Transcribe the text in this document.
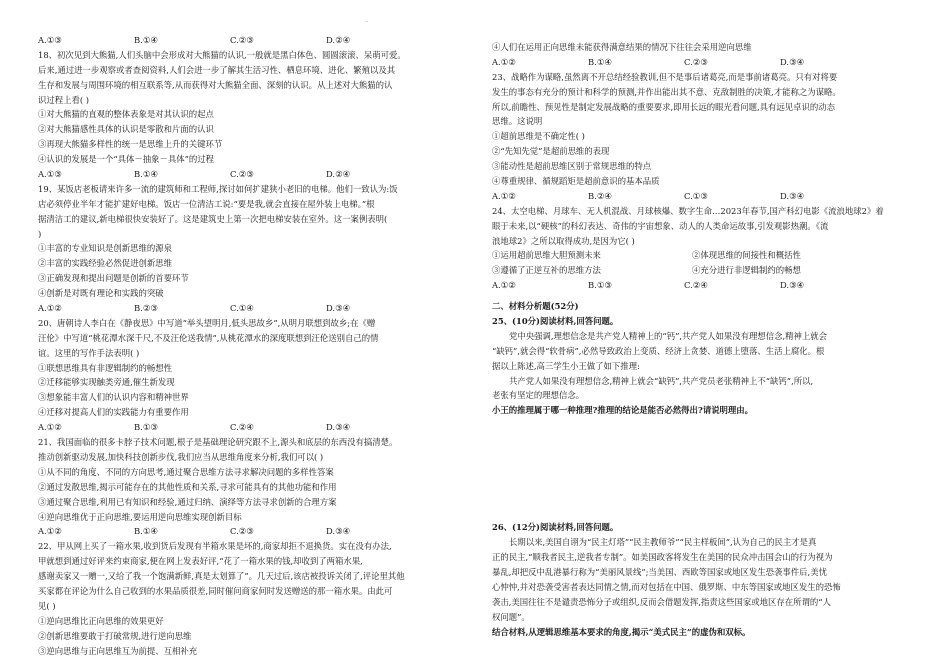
·
A.①③	B.①④	C.②③	D.②④
18、初次见到大熊猫,人们头脑中会形成对大熊猫的认识,一般就是黑白体色、圆圆滚滚、呆萌可爱。
后来,通过进一步观察或者查阅资料,人们会进一步了解其生活习性、栖息环境、进化、繁殖以及其
生存和发展与周围环境的相互联系等,从而获得对大熊猫全面、深刻的认识。从上述对大熊猫的认
识过程上看( )
①对大熊猫的直观的整体表象是对其认识的起点
②对大熊猫感性具体的认识是零散和片面的认识
③再现大熊猫多样性的统一是思维上升的关键环节
④认识的发展是一个“具体－抽象－具体”的过程
A.①③	B.①④	C.②③	D.②④
19、某饭店老板请来许多一流的建筑师和工程师,探讨如何扩建狭小老旧的电梯。他们一致认为:饭
店必须停业半年才能扩建好电梯。饭店一位清洁工说:“要是我,就会直接在屋外装上电梯。”根
据清洁工的建议,新电梯很快安装好了。这是建筑史上第一次把电梯安装在室外。这一案例表明(
)
①丰富的专业知识是创新思维的源泉
②丰富的实践经验必然促进创新思维
③正确发现和提出问题是创新的首要环节
④创新是对既有理论和实践的突破
A.①②	B.②③	C.①④	D.③④
20、唐朝诗人李白在《静夜思》中写道“举头望明月,低头思故乡”,从明月联想到故乡;在《赠
汪伦》中写道“桃花潭水深千尺,不及汪伦送我情”,从桃花潭水的深度联想到汪伦送别自己的情
谊。这里的写作手法表明( )
①联想思维具有非逻辑制约的畅想性
②迁移能够实现触类旁通,催生新发现
③想象能丰富人们的认识内容和精神世界
④迁移对提高人们的实践能力有重要作用
A.①②	B.①③	C.②④	D.③④
21、我国面临的很多卡脖子技术问题,根子是基础理论研究跟不上,源头和底层的东西没有搞清楚。
推动创新驱动发展,加快科技创新步伐,我们应当从思维角度来分析,我们可以( )
①从不同的角度、不同的方向思考,通过聚合思维方法寻求解决问题的多样性答案
②通过发散思维,揭示可能存在的其他性质和关系,寻求可能具有的其他功能和作用
③通过聚合思维,利用已有知识和经验,通过归纳、演绎等方法寻求创新的合理方案
④逆向思维优于正向思维,要运用逆向思维实现创新目标
A.①②	B.①④	C.②③	D.③④
22、甲从网上买了一箱水果,收到货后发现有半箱水果是坏的,商家却拒不退换货。实在没有办法,
甲就想到通过好评来约束商家,便在网上发表好评,“花了一箱水果的钱,却收到了两箱水果,
感谢卖家又一赠一,又给了我一个饱满新鲜,真是太划算了”。几天过后,该店被投诉关闭了,评论里其他
买家都在评论为什么自己收到的水果品质很差,同时催问商家何时发送赠送的那一箱水果。由此可
见( )
①逆向思维比正向思维的效果更好
②创新思维要敢于打破常规,进行逆向思维
③逆向思维与正向思维互为前提、互相补充
④人们在运用正向思维未能获得满意结果的情况下往往会采用逆向思维
A.①②	B.①④	C.②③	D.③④
23、战略作为谋略,虽然离不开总结经验教训,但不是事后诸葛亮,而是事前诸葛亮。只有对将要
发生的事态有充分的预计和科学的预测,并作出能出其不意、克敌制胜的决策,才能称之为谋略。
所以,前瞻性、预见性是制定发展战略的重要要求,即用长远的眼光看问题,具有远见卓识的动态
思维。这说明
①超前思维是不确定性( )
②“先知先觉”是超前思维的表现
③能动性是超前思维区别于常规思维的特点
④尊重规律、循规蹈矩是超前意识的基本品质
A.①②	B.②④	C.①③	D.③④
24、太空电梯、月球车、无人机混战、月球核爆、数字生命…2023年春节,国产科幻电影《流浪地球2》着
眼于未来,以“硬核”的科幻表达、奇伟的宇宙想象、动人的人类命运故事,引发观影热潮。《流
浪地球2》之所以取得成功,是因为它( )
①运用超前思维大胆预测未来	②体现思维的间接性和概括性
③遵循了正逆互补的思维方法	④充分进行非逻辑制约的畅想
A.①②	B.①③	C.②④	D.③④
二、材料分析题(52分)
25、(10分)阅读材料,回答问题。
党中央强调,理想信念是共产党人精神上的“钙”,共产党人如果没有理想信念,精神上就会
“缺钙”,就会得“软骨病”,必然导致政治上变质、经济上贪婪、道德上堕落、生活上腐化。根
据以上陈述,高三学生小王做了如下推理:
共产党人如果没有理想信念,精神上就会“缺钙”,共产党员老张精神上不“缺钙”,所以,
老张有坚定的理想信念。
小王的推理属于哪一种推理?推理的结论是能否必然得出?请说明理由。
26、(12分)阅读材料,回答问题。
长期以来,美国自诩为“民主灯塔”“民主教师爷”“民主样板间”,认为自己的民主才是真
正的民主,“顺我者民主,逆我者专制”。如美国政客将发生在美国的民众冲击国会山的行为视为
暴乱,却把反中乱港暴行称为“美丽风景线”;当美国、西欧等国家或地区发生恐袭事件后,美忧
心忡忡,并对恐袭受害者表达同情之情,而对包括在中国、俄罗斯、中东等国家或地区发生的恐怖
袭击,美国往往不是谴责恐怖分子或组织,反而会借题发挥,指责这些国家或地区存在所谓的“人
权问题”。
结合材料,从逻辑思维基本要求的角度,揭示“美式民主”的虚伪和双标。
